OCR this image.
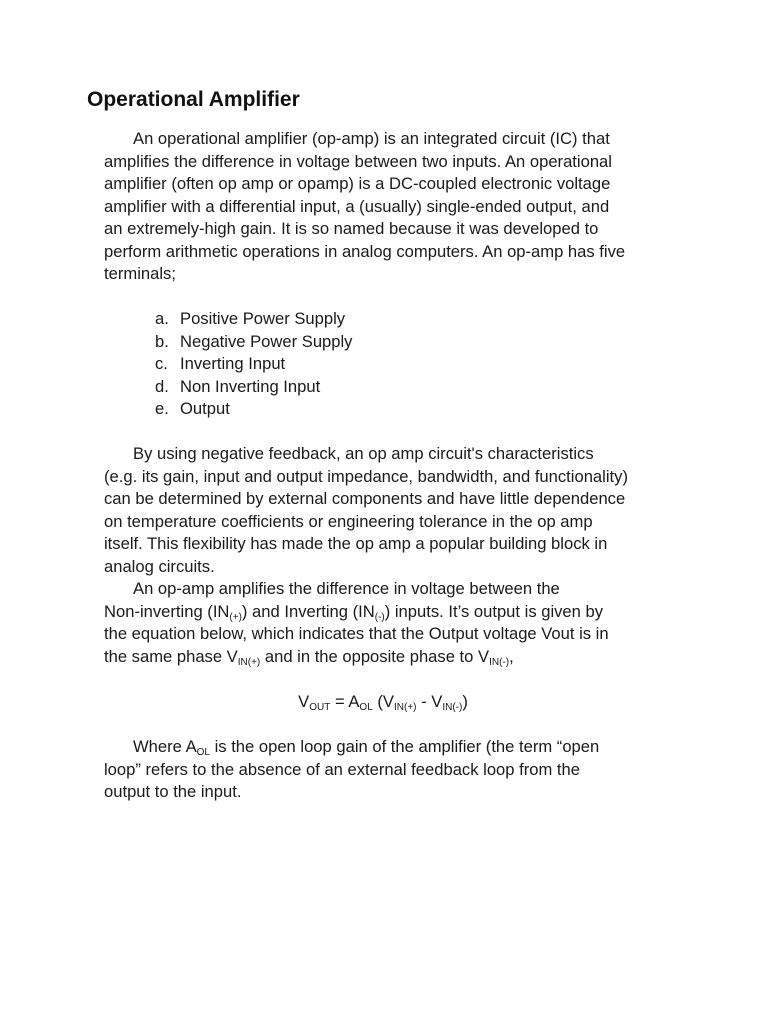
Operational Amplifier
An operational amplifier (op-amp) is an integrated circuit (IC) that
amplifies the difference in voltage between two inputs. An operational
amplifier (often op amp or opamp) is a DC-coupled electronic voltage
amplifier with a differential input, a (usually) single-ended output, and
an extremely-high gain. It is so named because it was developed to
perform arithmetic operations in analog computers. An op-amp has five
terminals;
a. Positive Power Supply
b. Negative Power Supply
c. Inverting Input
d. Non Inverting Input
e. Output
By using negative feedback, an op amp circuit's characteristics
(e.g. its gain, input and output impedance, bandwidth, and functionality)
can be determined by external components and have little dependence
on temperature coefficients or engineering tolerance in the op amp
itself. This flexibility has made the op amp a popular building block in
analog circuits.
An op-amp amplifies the difference in voltage between the
Non-inverting $(IN_{(+)})$ and Inverting $(IN_{(-)})$ inputs. It’s output is given by
the equation below, which indicates that the Output voltage Vout is in
the same phase $V_{IN(+)}$ and in the opposite phase to $V_{IN(-)}$,
$V_{OUT} = A_{OL}$ $(V_{IN(+)} - V_{IN(-)})$
Where $A_{OL}$ is the open loop gain of the amplifier (the term “open
loop” refers to the absence of an external feedback loop from the
output to the input.
